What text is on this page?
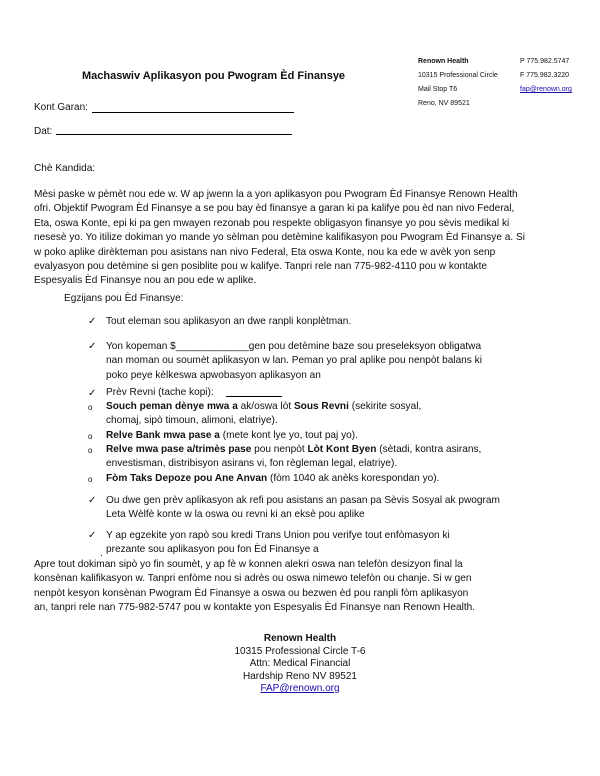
Machaswiv Aplikasyon pou Pwogram Èd Finansye
Renown Health
10315 Professional Circle
Mail Stop T6
Reno, NV 89521
P 775.982.5747
F 775.982.3220
fap@renown.org
Kont Garan:
Dat:
Chè Kandida:
Mèsi paske w pèmèt nou ede w. W ap jwenn la a yon aplikasyon pou Pwogram Èd Finansye Renown Health
ofri. Objektif Pwogram Èd Finansye a se pou bay èd finansye a garan ki pa kalifye pou èd nan nivo Federal,
Eta, oswa Konte, epi ki pa gen mwayen rezonab pou respekte obligasyon finansye yo pou sèvis medikal ki
nesesè yo. Yo itilize dokiman yo mande yo sèlman pou detèmine kalifikasyon pou Pwogram Èd Finansye a. Si
w poko aplike dirèkteman pou asistans nan nivo Federal, Eta oswa Konte, nou ka ede w avèk yon senp
evalyasyon pou detèmine si gen posiblite pou w kalifye. Tanpri rele nan 775-982-4110 pou w kontakte
Espesyalis Èd Finansye nou an pou ede w aplike.
Egzijans pou Èd Finansye:
✓ Tout eleman sou aplikasyon an dwe ranpli konplètman.
✓ Yon kopeman $_____________gen pou detèmine baze sou preseleksyon obligatwa
nan moman ou soumèt aplikasyon w lan. Peman yo pral aplike pou nenpòt balans ki
poko peye kèlkeswa apwobasyon aplikasyon an
✓ Prèv Revni (tache kopi):
o Souch peman dènye mwa a ak/oswa lòt Sous Revni (sekirite sosyal,
chomaj, sipò timoun, alimoni, elatriye).
o Relve Bank mwa pase a (mete kont lye yo, tout paj yo).
o Relve mwa pase a/trimès pase pou nenpòt Lòt Kont Byen (sètadi, kontra asirans,
envestisman, distribisyon asirans vi, fon règleman legal, elatriye).
o Fòm Taks Depoze pou Ane Anvan (fòm 1040 ak anèks korespondan yo).
✓ Ou dwe gen prèv aplikasyon ak refi pou asistans an pasan pa Sèvis Sosyal ak pwogram
Leta Wèlfè konte w la oswa ou revni ki an eksè pou aplike
✓ Y ap egzekite yon rapò sou kredi Trans Union pou verifye tout enfòmasyon ki
prezante sou aplikasyon pou fon Èd Finansye a
.
Apre tout dokiman sipò yo fin soumèt, y ap fè w konnen alekri oswa nan telefòn desizyon final la
konsènan kalifikasyon w. Tanpri enfòme nou si adrès ou oswa nimewo telefòn ou chanje. Si w gen
nenpòt kesyon konsènan Pwogram Èd Finansye a oswa ou bezwen èd pou ranpli fòm aplikasyon
an, tanpri rele nan 775-982-5747 pou w kontakte yon Espesyalis Èd Finansye nan Renown Health.
Renown Health
10315 Professional Circle T-6
Attn: Medical Financial
Hardship Reno NV 89521
FAP@renown.org
